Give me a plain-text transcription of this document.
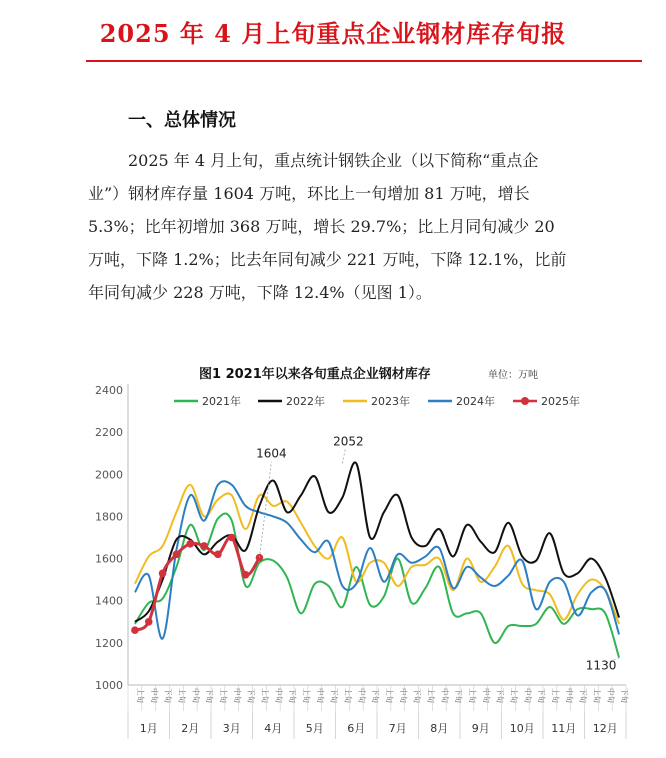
2025 年 4 月上旬重点企业钢材库存旬报
一、总体情况
2025 年 4 月上旬，重点统计钢铁企业（以下简称“重点企
业”）钢材库存量 1604 万吨，环比上一旬增加 81 万吨，增长
5.3%；比年初增加 368 万吨，增长 29.7%；比上月同旬减少 20
万吨，下降 1.2%；比去年同旬减少 221 万吨，下降 12.1%，比前
年同旬减少 228 万吨，下降 12.4%（见图 1）。
图1 2021年以来各旬重点企业钢材库存	单位：万吨
1000
1200
1400
1600
1800
2000
2200
2400
上旬 中旬 下旬 上旬 中旬 下旬 上旬 中旬 下旬 上旬 中旬 下旬 上旬 中旬 下旬 上旬 中旬 下旬 上旬 中旬 下旬 上旬 中旬 下旬 上旬 中旬 下旬 上旬 中旬 下旬 上旬 中旬 下旬 上旬 中旬 下旬
1月 2月 3月 4月 5月 6月 7月 8月 9月 10月 11月 12月
2021年	2022年	2023年	2024年	2025年
1604
2052
1130
